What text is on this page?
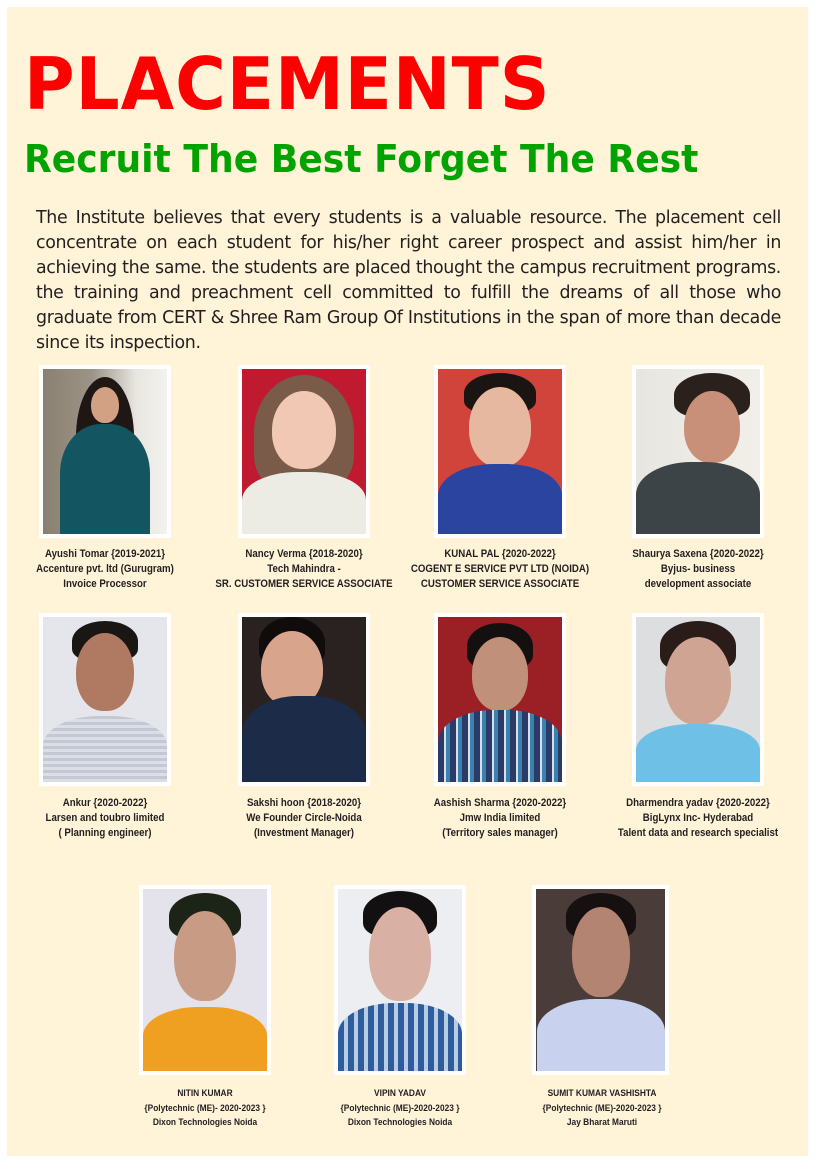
PLACEMENTS
Recruit The Best Forget The Rest

The Institute believes that every students is a valuable resource. The placement cell concentrate on each student for his/her right career prospect and assist him/her in achieving the same. the students are placed thought the campus recruitment programs. the training and preachment cell committed to fulfill the dreams of all those who graduate from CERT & Shree Ram Group Of Institutions in the span of more than decade since its inspection.

Ayushi Tomar {2019-2021}
Accenture pvt. ltd (Gurugram)
Invoice Processor
Nancy Verma {2018-2020}
Tech Mahindra -
SR. CUSTOMER SERVICE ASSOCIATE
KUNAL PAL {2020-2022}
COGENT E SERVICE PVT LTD (NOIDA)
CUSTOMER SERVICE ASSOCIATE
Shaurya Saxena {2020-2022}
Byjus- business
development associate
Ankur {2020-2022}
Larsen and toubro limited
( Planning engineer)
Sakshi hoon {2018-2020}
We Founder Circle-Noida
(Investment Manager)
Aashish Sharma {2020-2022}
Jmw India limited
(Territory sales manager)
Dharmendra yadav {2020-2022}
BigLynx Inc- Hyderabad
Talent data and research specialist
NITIN KUMAR
{Polytechnic (ME)- 2020-2023 }
Dixon Technologies Noida
VIPIN YADAV
{Polytechnic (ME)-2020-2023 }
Dixon Technologies Noida
SUMIT KUMAR VASHISHTA
{Polytechnic (ME)-2020-2023 }
Jay Bharat Maruti
